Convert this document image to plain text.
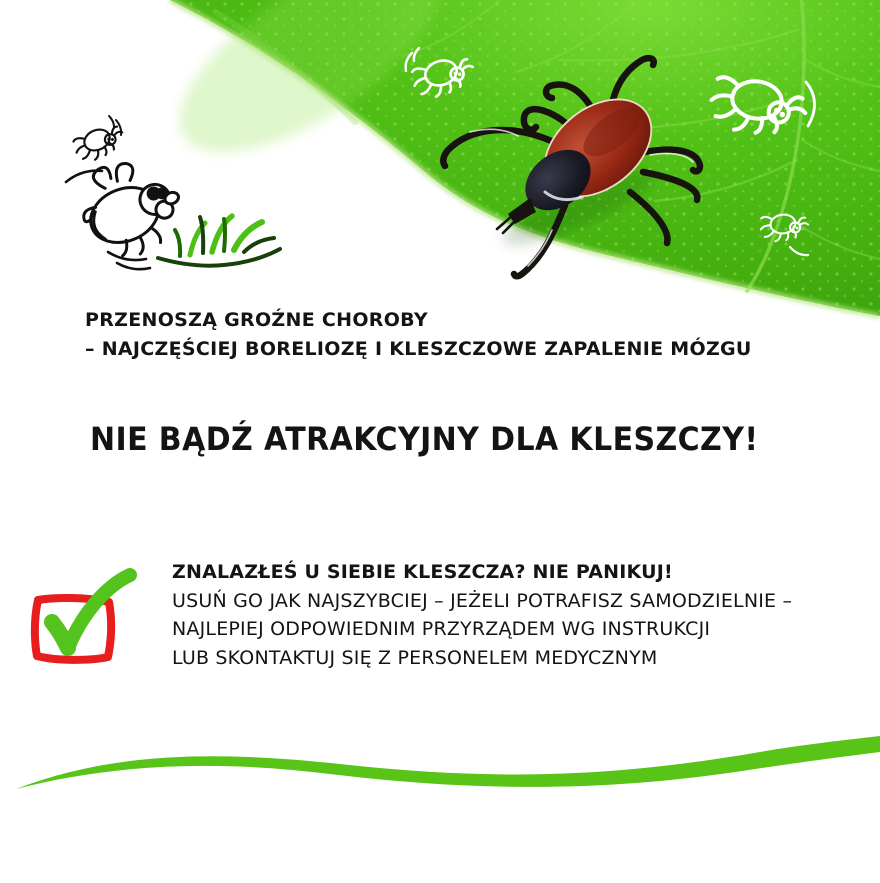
PRZENOSZĄ GROŹNE CHOROBY
– NAJCZĘŚCIEJ BORELIOZĘ I KLESZCZOWE ZAPALENIE MÓZGU
NIE BĄDŹ ATRAKCYJNY DLA KLESZCZY!
ZNALAZŁEŚ U SIEBIE KLESZCZA? NIE PANIKUJ!
USUŃ GO JAK NAJSZYBCIEJ – JEŻELI POTRAFISZ SAMODZIELNIE –
NAJLEPIEJ ODPOWIEDNIM PRZYRZĄDEM WG INSTRUKCJI
LUB SKONTAKTUJ SIĘ Z PERSONELEM MEDYCZNYM
